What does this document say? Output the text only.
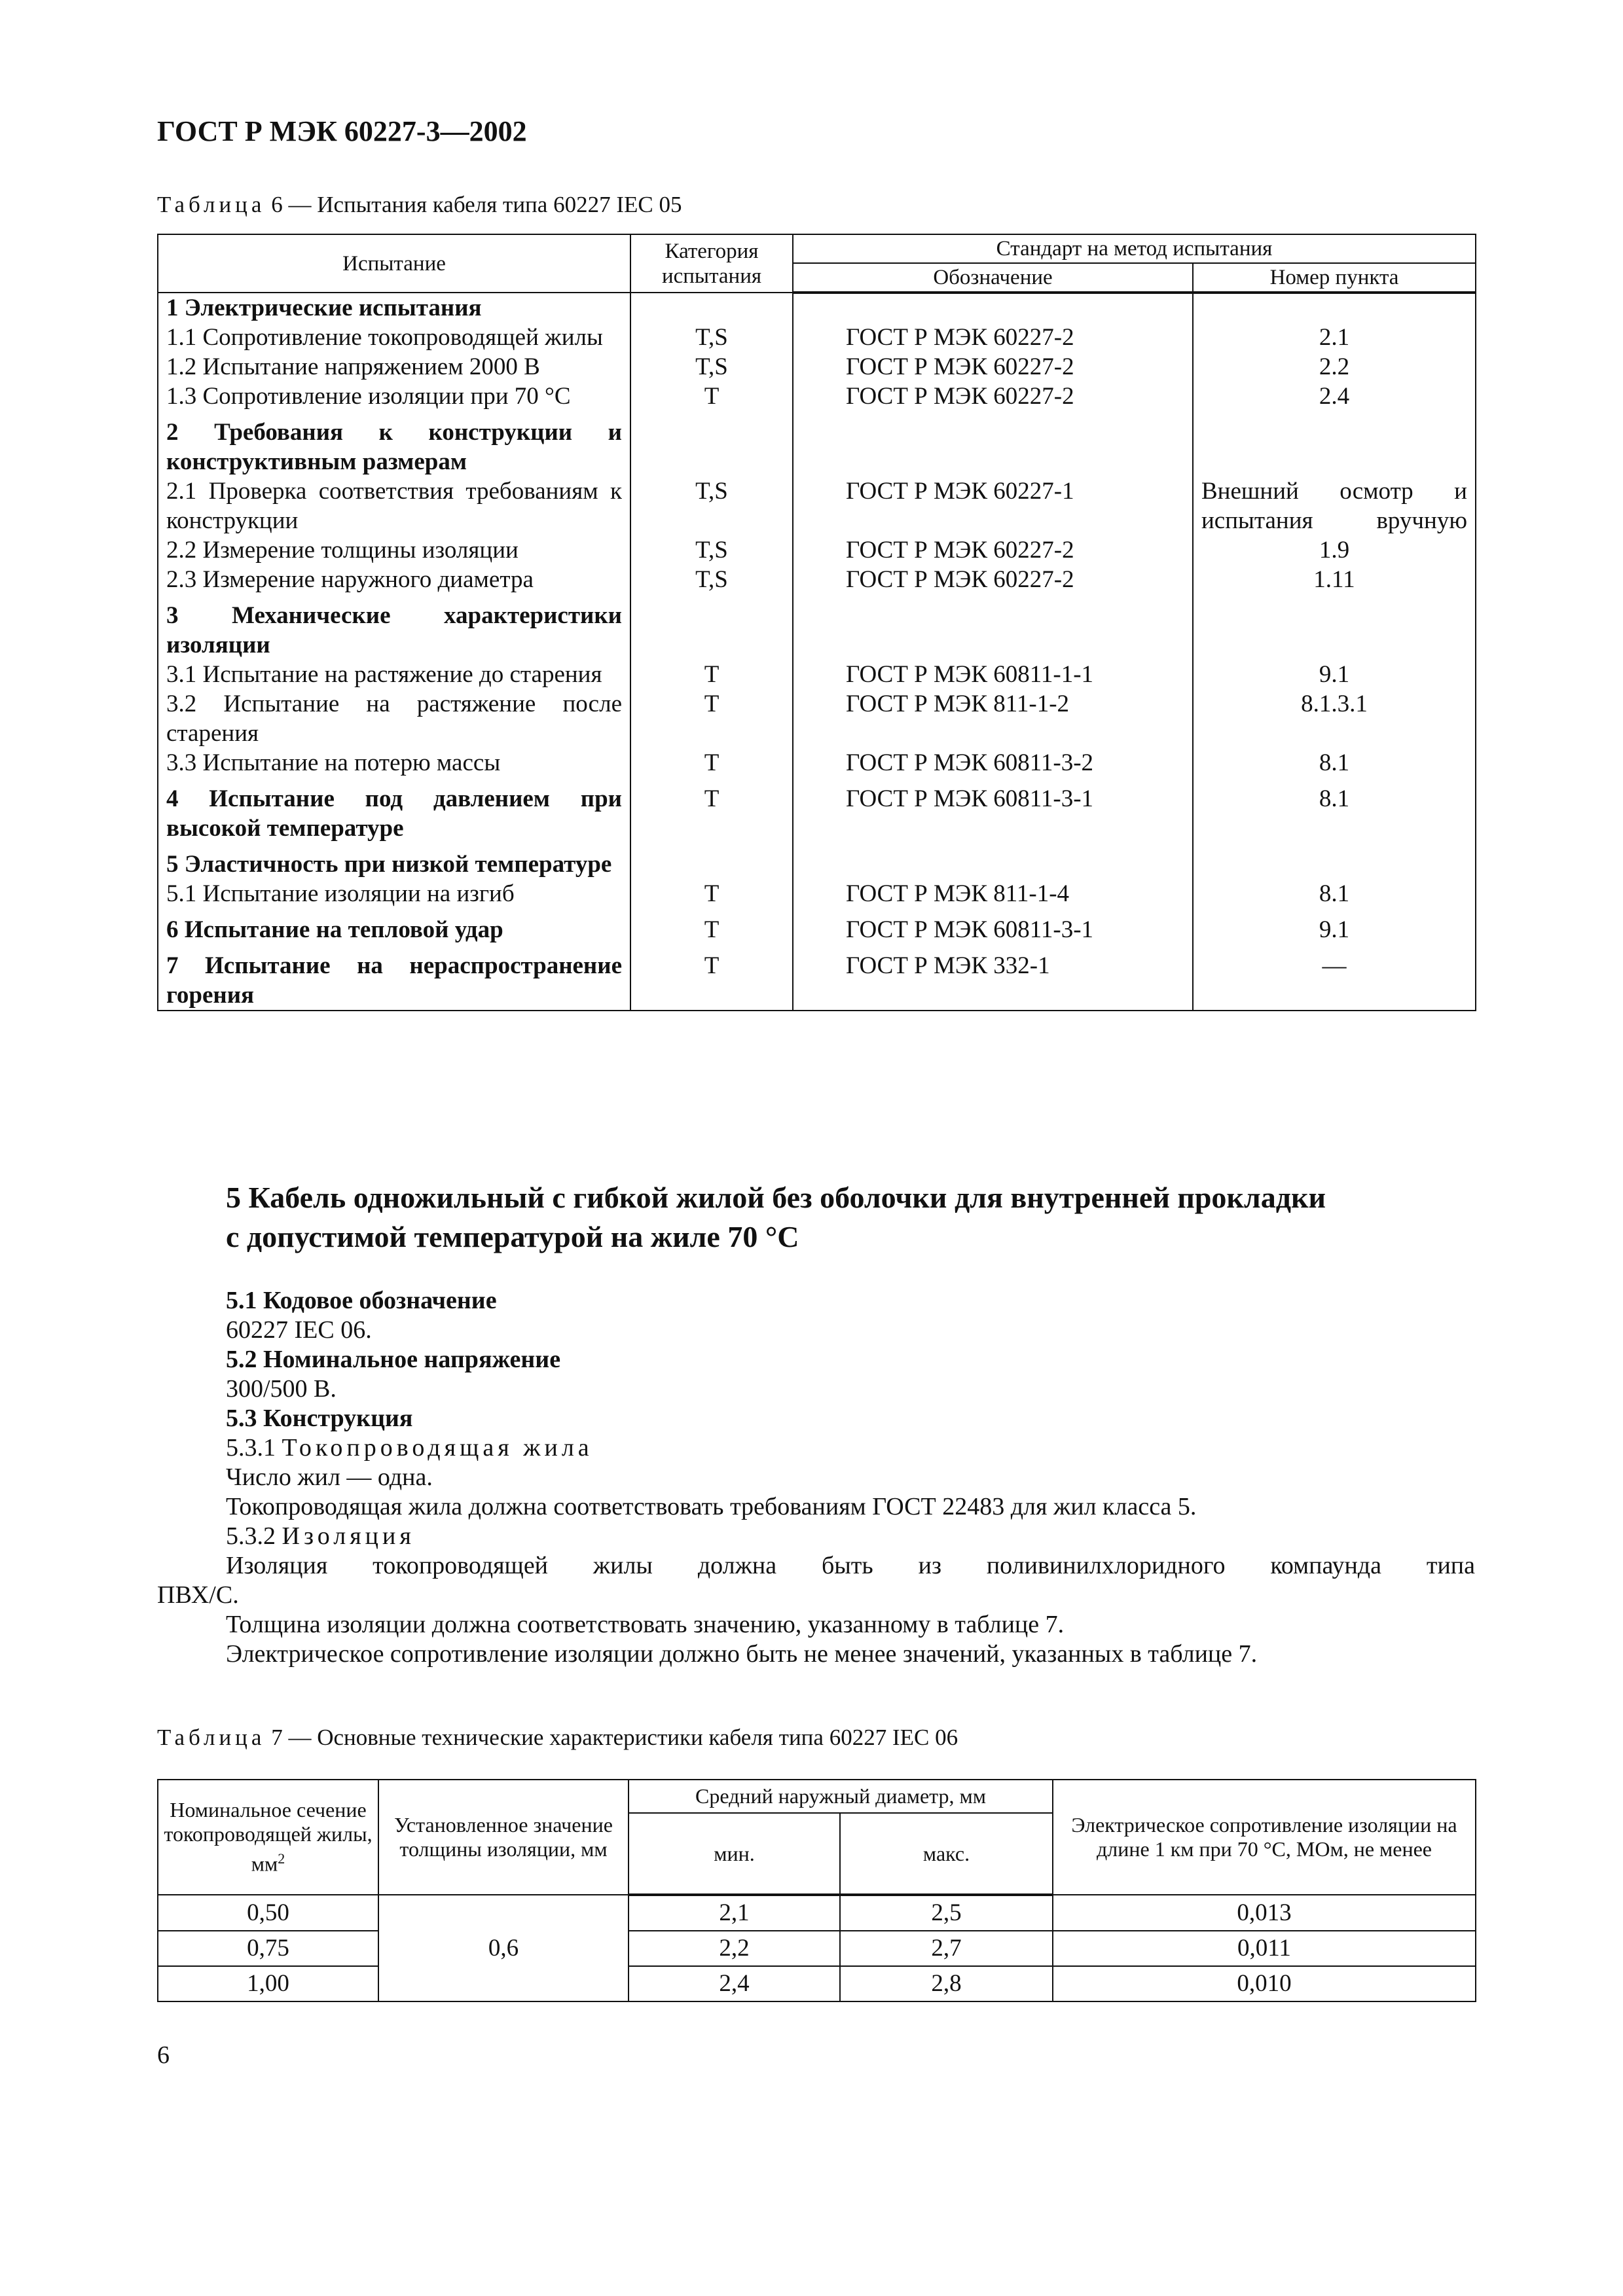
ГОСТ Р МЭК 60227-3—2002
Таблица 6 — Испытания кабеля типа 60227 IEC 05
Испытание	Категория испытания	Стандарт на метод испытания	
		Обозначение	Номер пункта
1 Электрические испытания			
1.1 Сопротивление токопроводящей жилы	T,S	ГОСТ Р МЭК 60227-2	2.1
1.2 Испытание напряжением 2000 В	T,S	ГОСТ Р МЭК 60227-2	2.2
1.3 Сопротивление изоляции при 70 °С	T	ГОСТ Р МЭК 60227-2	2.4
2 Требования к конструкции и конструктивным размерам			
2.1 Проверка соответствия требованиям к конструкции	T,S	ГОСТ Р МЭК 60227-1	Внешний осмотр и испытания вручную
2.2 Измерение толщины изоляции	T,S	ГОСТ Р МЭК 60227-2	1.9
2.3 Измерение наружного диаметра	T,S	ГОСТ Р МЭК 60227-2	1.11
3 Механические характеристики изоляции			
3.1 Испытание на растяжение до старения	T	ГОСТ Р МЭК 60811-1-1	9.1
3.2 Испытание на растяжение после старения	T	ГОСТ Р МЭК 811-1-2	8.1.3.1
3.3 Испытание на потерю массы	T	ГОСТ Р МЭК 60811-3-2	8.1
4 Испытание под давлением при высокой температуре	T	ГОСТ Р МЭК 60811-3-1	8.1
5 Эластичность при низкой температуре			
5.1 Испытание изоляции на изгиб	T	ГОСТ Р МЭК 811-1-4	8.1
6 Испытание на тепловой удар	T	ГОСТ Р МЭК 60811-3-1	9.1
7 Испытание на нераспространение горения	T	ГОСТ Р МЭК 332-1	—
5 Кабель одножильный с гибкой жилой без оболочки для внутренней прокладки с допустимой температурой на жиле 70 °С

5.1 Кодовое обозначение

60227 IEC 06.

5.2 Номинальное напряжение

300/500 В.

5.3 Конструкция

5.3.1 Токопроводящая жила

Число жил — одна.

Токопроводящая жила должна соответствовать требованиям ГОСТ 22483 для жил класса 5.

5.3.2 Изоляция

Изоляция токопроводящей жилы должна быть из поливинилхлоридного компаунда типа

ПВХ/С.

Толщина изоляции должна соответствовать значению, указанному в таблице 7.

Электрическое сопротивление изоляции должно быть не менее значений, указанных в таблице 7.

Таблица 7 — Основные технические характеристики кабеля типа 60227 IEC 06
Номинальное сечение токопроводящей жилы, $мм^2$	Установленное значение толщины изоляции, мм	Средний наружный диаметр, мм		Электрическое сопротивление изоляции на длине 1 км при 70 °С, МОм, не менее
		мин.	макс.	
0,50	0,6	2,1	2,5	0,013
0,75		2,2	2,7	0,011
1,00		2,4	2,8	0,010
6
